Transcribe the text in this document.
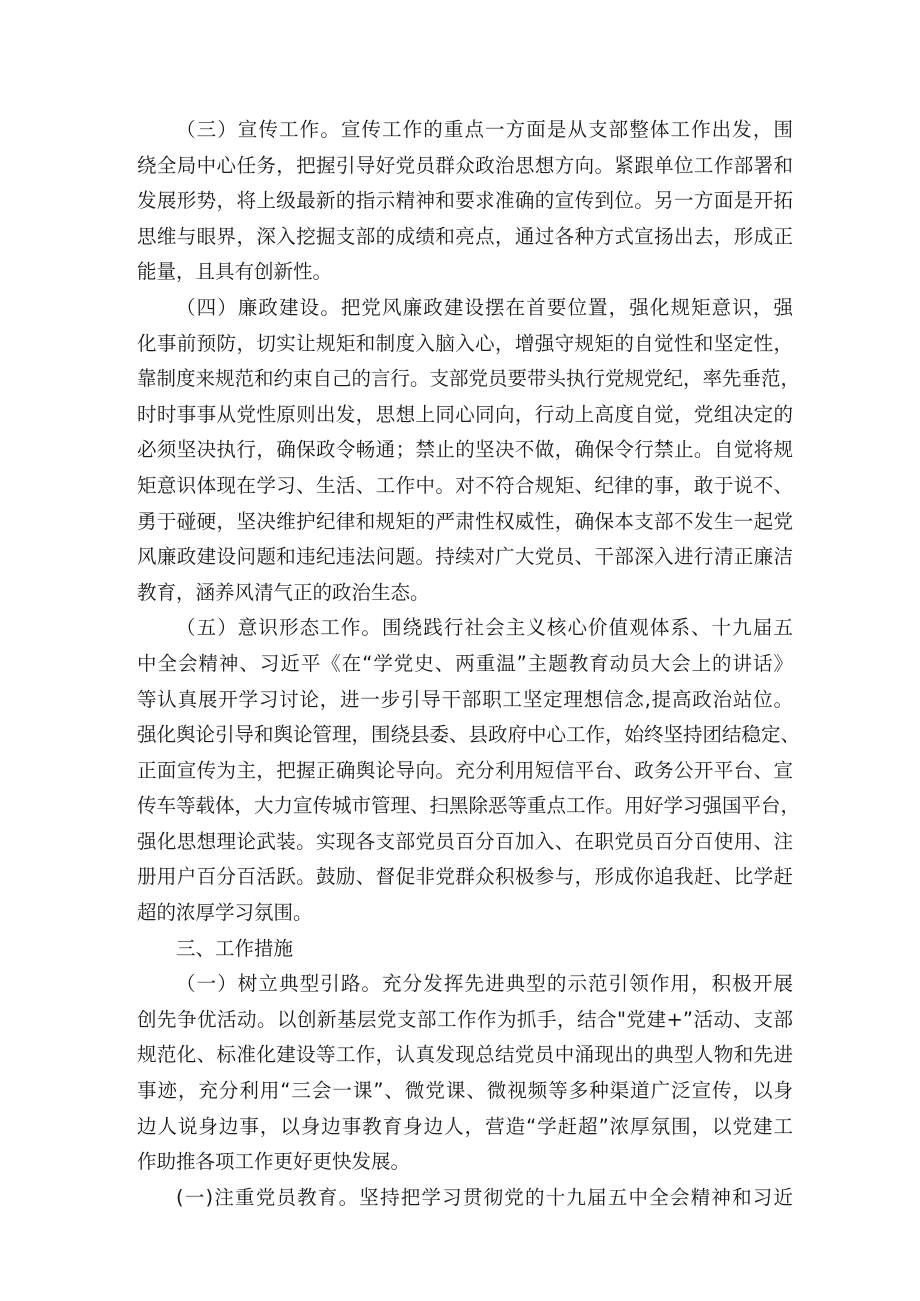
（三）宣传工作。宣传工作的重点一方面是从支部整体工作出发，围
绕全局中心任务，把握引导好党员群众政治思想方向。紧跟单位工作部署和
发展形势，将上级最新的指示精神和要求准确的宣传到位。另一方面是开拓
思维与眼界，深入挖掘支部的成绩和亮点，通过各种方式宣扬出去，形成正
能量，且具有创新性。
（四）廉政建设。把党风廉政建设摆在首要位置，强化规矩意识，强
化事前预防，切实让规矩和制度入脑入心，增强守规矩的自觉性和坚定性，
靠制度来规范和约束自己的言行。支部党员要带头执行党规党纪，率先垂范，
时时事事从党性原则出发，思想上同心同向，行动上高度自觉，党组决定的
必须坚决执行，确保政令畅通；禁止的坚决不做，确保令行禁止。自觉将规
矩意识体现在学习、生活、工作中。对不符合规矩、纪律的事，敢于说不、
勇于碰硬，坚决维护纪律和规矩的严肃性权威性，确保本支部不发生一起党
风廉政建设问题和违纪违法问题。持续对广大党员、干部深入进行清正廉洁
教育，涵养风清气正的政治生态。
（五）意识形态工作。围绕践行社会主义核心价值观体系、十九届五
中全会精神、习近平《在“学党史、两重温”主题教育动员大会上的讲话》
等认真展开学习讨论，进一步引导干部职工坚定理想信念,提高政治站位。
强化舆论引导和舆论管理，围绕县委、县政府中心工作，始终坚持团结稳定、
正面宣传为主，把握正确舆论导向。充分利用短信平台、政务公开平台、宣
传车等载体，大力宣传城市管理、扫黑除恶等重点工作。用好学习强国平台，
强化思想理论武装。实现各支部党员百分百加入、在职党员百分百使用、注
册用户百分百活跃。鼓励、督促非党群众积极参与，形成你追我赶、比学赶
超的浓厚学习氛围。
三、工作措施
（一）树立典型引路。充分发挥先进典型的示范引领作用，积极开展
创先争优活动。以创新基层党支部工作作为抓手，结合"党建+”活动、支部
规范化、标准化建设等工作，认真发现总结党员中涌现出的典型人物和先进
事迹，充分利用“三会一课”、微党课、微视频等多种渠道广泛宣传，以身
边人说身边事，以身边事教育身边人，营造“学赶超”浓厚氛围，以党建工
作助推各项工作更好更快发展。
(一)注重党员教育。坚持把学习贯彻党的十九届五中全会精神和习近
